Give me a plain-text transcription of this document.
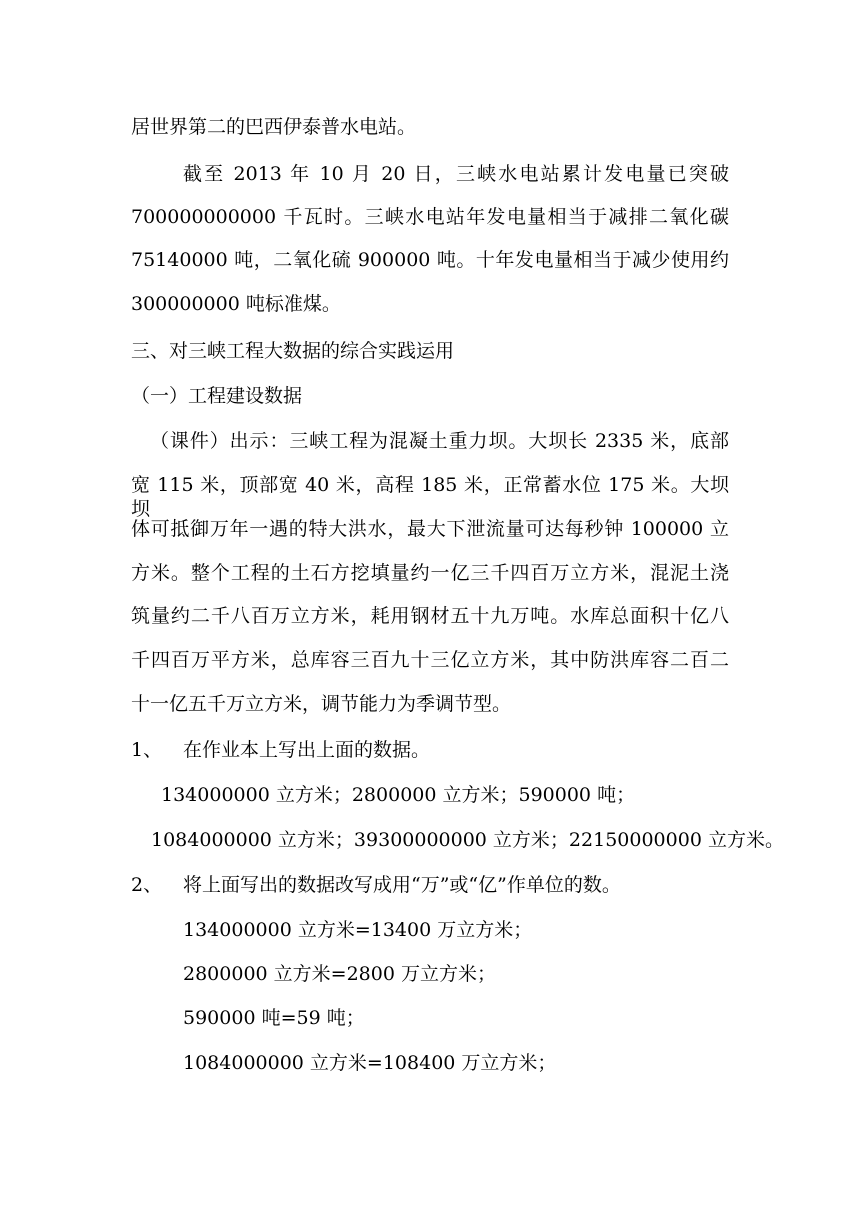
居世界第二的巴西伊泰普水电站。
截至 2013 年 10 月 20 日，三峡水电站累计发电量已突破
700000000000 千瓦时。三峡水电站年发电量相当于减排二氧化碳
75140000 吨，二氧化硫 900000 吨。十年发电量相当于减少使用约
300000000 吨标准煤。
三、对三峡工程大数据的综合实践运用
（一）工程建设数据
（课件）出示：三峡工程为混凝土重力坝。大坝长 2335 米，底部
宽 115 米，顶部宽 40 米，高程 185 米，正常蓄水位 175 米。大坝坝
体可抵御万年一遇的特大洪水，最大下泄流量可达每秒钟 100000 立
方米。整个工程的土石方挖填量约一亿三千四百万立方米，混泥土浇
筑量约二千八百万立方米，耗用钢材五十九万吨。水库总面积十亿八
千四百万平方米，总库容三百九十三亿立方米，其中防洪库容二百二
十一亿五千万立方米，调节能力为季调节型。
1、 在作业本上写出上面的数据。
134000000 立方米；2800000 立方米；590000 吨；
1084000000 立方米；39300000000 立方米；22150000000 立方米。
2、 将上面写出的数据改写成用“万”或“亿”作单位的数。
134000000 立方米=13400 万立方米；
2800000 立方米=2800 万立方米；
590000 吨=59 吨；
1084000000 立方米=108400 万立方米；
